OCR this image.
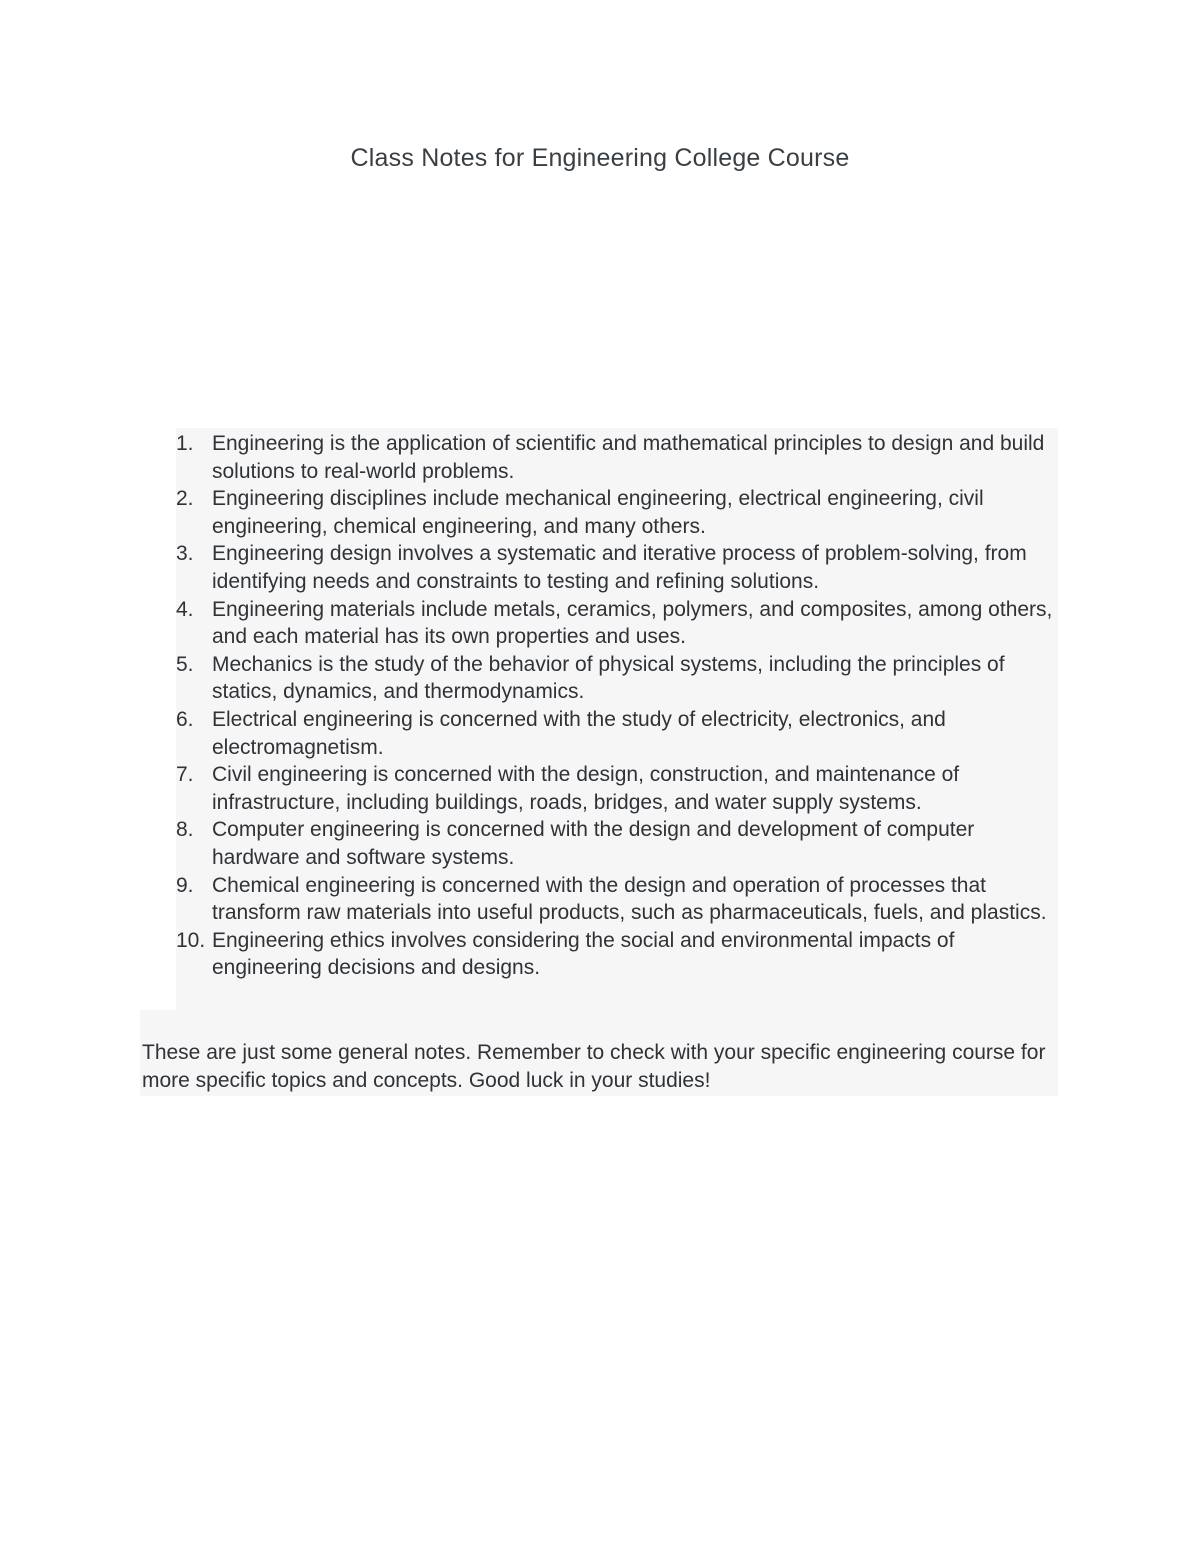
Class Notes for Engineering College Course
1. Engineering is the application of scientific and mathematical principles to design and build solutions to real-world problems.
2. Engineering disciplines include mechanical engineering, electrical engineering, civil engineering, chemical engineering, and many others.
3. Engineering design involves a systematic and iterative process of problem-solving, from identifying needs and constraints to testing and refining solutions.
4. Engineering materials include metals, ceramics, polymers, and composites, among others, and each material has its own properties and uses.
5. Mechanics is the study of the behavior of physical systems, including the principles of statics, dynamics, and thermodynamics.
6. Electrical engineering is concerned with the study of electricity, electronics, and electromagnetism.
7. Civil engineering is concerned with the design, construction, and maintenance of infrastructure, including buildings, roads, bridges, and water supply systems.
8. Computer engineering is concerned with the design and development of computer hardware and software systems.
9. Chemical engineering is concerned with the design and operation of processes that transform raw materials into useful products, such as pharmaceuticals, fuels, and plastics.
10. Engineering ethics involves considering the social and environmental impacts of engineering decisions and designs.

These are just some general notes. Remember to check with your specific engineering course for more specific topics and concepts. Good luck in your studies!
